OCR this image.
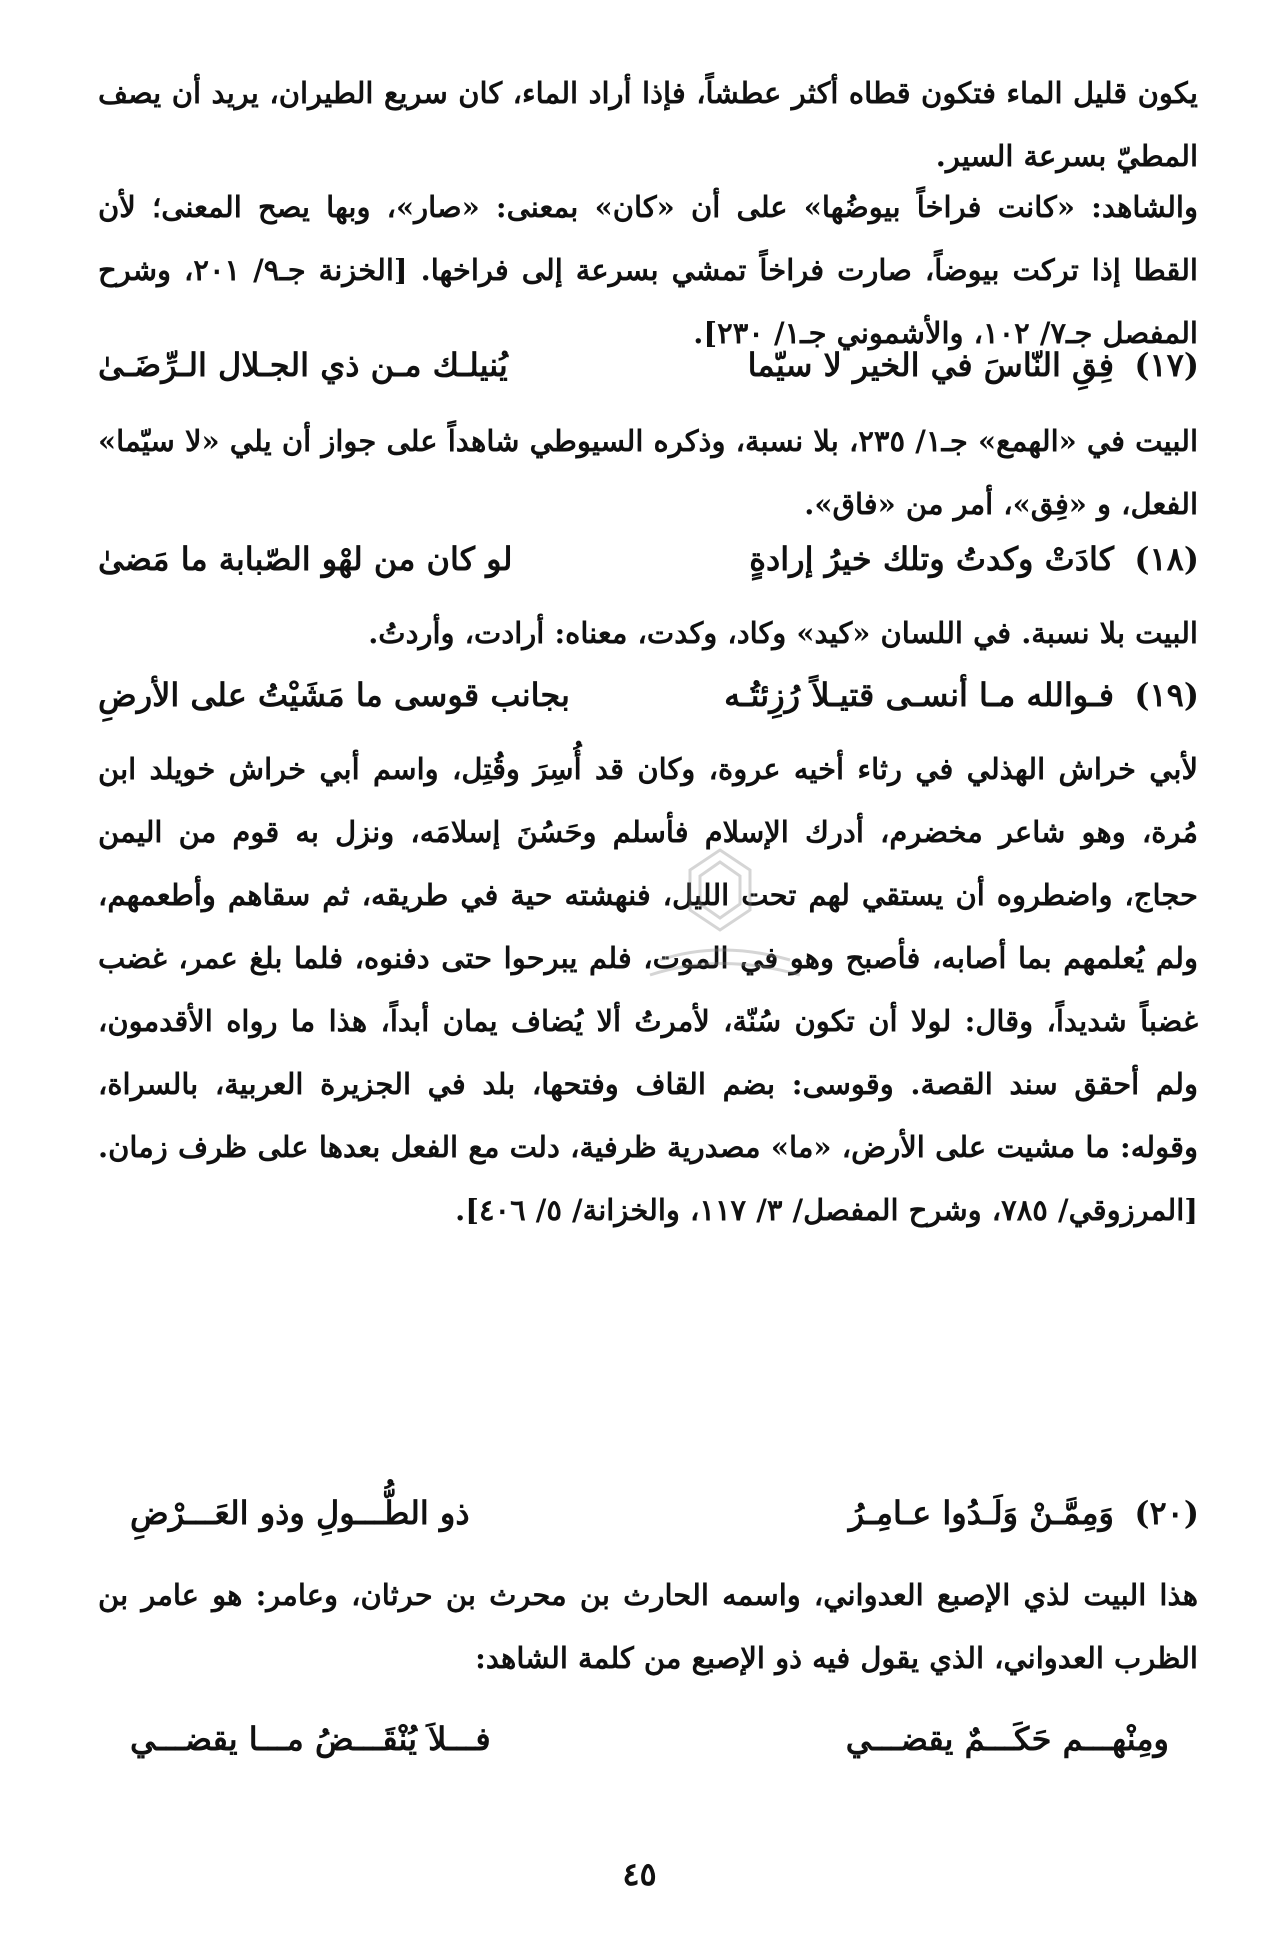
يكون قليل الماء فتكون قطاه أكثر عطشاً، فإذا أراد الماء، كان سريع الطيران، يريد أن يصف المطيّ بسرعة السير.
والشاهد: «كانت فراخاً بيوضُها» على أن «كان» بمعنى: «صار»، وبها يصح المعنى؛ لأن القطا إذا تركت بيوضاً، صارت فراخاً تمشي بسرعة إلى فراخها. [الخزنة جـ٩/ ٢٠١، وشرح المفصل جـ٧/ ١٠٢، والأشموني جـ١/ ٢٣٠].
(١٧)
فِقِ النّاسَ في الخير لا سيّما
يُنيلـك مـن ذي الجـلال الـرِّضَـىٰ
البيت في «الهمع» جـ١/ ٢٣٥، بلا نسبة، وذكره السيوطي شاهداً على جواز أن يلي «لا سيّما» الفعل، و «فِق»، أمر من «فاق».
(١٨)
كادَتْ وكدتُ وتلك خيرُ إرادةٍ
لو كان من لهْو الصّبابة ما مَضىٰ
البيت بلا نسبة. في اللسان «كيد» وكاد، وكدت، معناه: أرادت، وأردتُ.
(١٩)
فـوالله مـا أنسـى قتيـلاً رُزِئتُـه
بجانب قوسى ما مَشَيْتُ على الأرضِ
لأبي خراش الهذلي في رثاء أخيه عروة، وكان قد أُسِرَ وقُتِل، واسم أبي خراش خويلد ابن مُرة، وهو شاعر مخضرم، أدرك الإسلام فأسلم وحَسُنَ إسلامَه، ونزل به قوم من اليمن حجاج، واضطروه أن يستقي لهم تحت الليل، فنهشته حية في طريقه، ثم سقاهم وأطعمهم، ولم يُعلمهم بما أصابه، فأصبح وهو في الموت، فلم يبرحوا حتى دفنوه، فلما بلغ عمر، غضب غضباً شديداً، وقال: لولا أن تكون سُنّة، لأمرتُ ألا يُضاف يمان أبداً، هذا ما رواه الأقدمون، ولم أحقق سند القصة. وقوسى: بضم القاف وفتحها، بلد في الجزيرة العربية، بالسراة، وقوله: ما مشيت على الأرض، «ما» مصدرية ظرفية، دلت مع الفعل بعدها على ظرف زمان. [المرزوقي/ ٧٨٥، وشرح المفصل/ ٣/ ١١٧، والخزانة/ ٥/ ٤٠٦].
(٢٠)
وَمِمَّـنْ وَلَـدُوا عـامِـرُ
ذو الطُّـــولِ وذو العَـــرْضِ
هذا البيت لذي الإصبع العدواني، واسمه الحارث بن محرث بن حرثان، وعامر: هو عامر بن الظرب العدواني، الذي يقول فيه ذو الإصبع من كلمة الشاهد:
ومِنْهـــم حَكَـــمٌ يقضـــي
فـــلاَ يُنْقَـــضُ مـــا يقضـــي
٤٥
